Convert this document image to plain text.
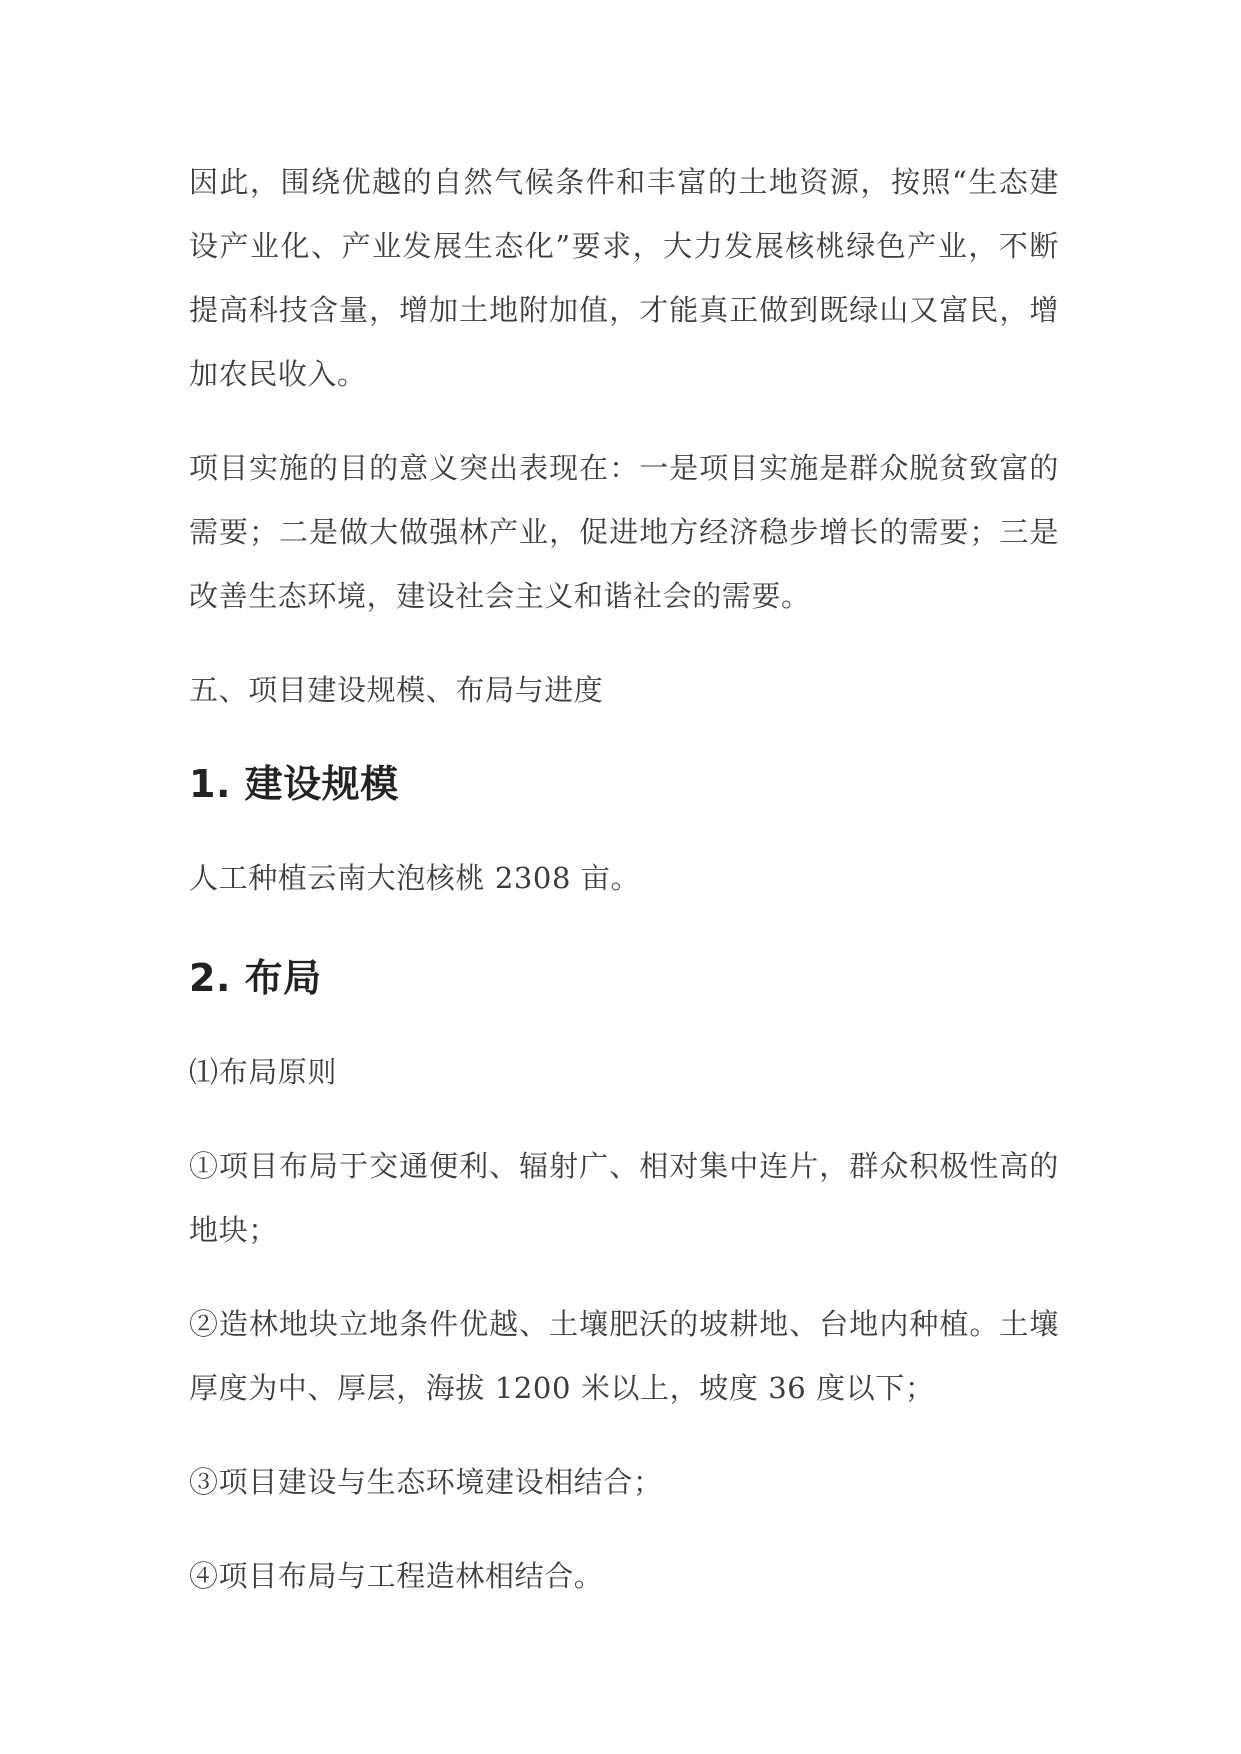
因此，围绕优越的自然气候条件和丰富的土地资源，按照“生态建设产业化、产业发展生态化”要求，大力发展核桃绿色产业，不断提高科技含量，增加土地附加值，才能真正做到既绿山又富民，增加农民收入。

项目实施的目的意义突出表现在：一是项目实施是群众脱贫致富的需要；二是做大做强林产业，促进地方经济稳步增长的需要；三是改善生态环境，建设社会主义和谐社会的需要。

五、项目建设规模、布局与进度

1. 建设规模

人工种植云南大泡核桃 2308 亩。

2. 布局

⑴布局原则

①项目布局于交通便利、辐射广、相对集中连片，群众积极性高的地块；

②造林地块立地条件优越、土壤肥沃的坡耕地、台地内种植。土壤厚度为中、厚层，海拔 1200 米以上，坡度 36 度以下；

③项目建设与生态环境建设相结合；

④项目布局与工程造林相结合。
